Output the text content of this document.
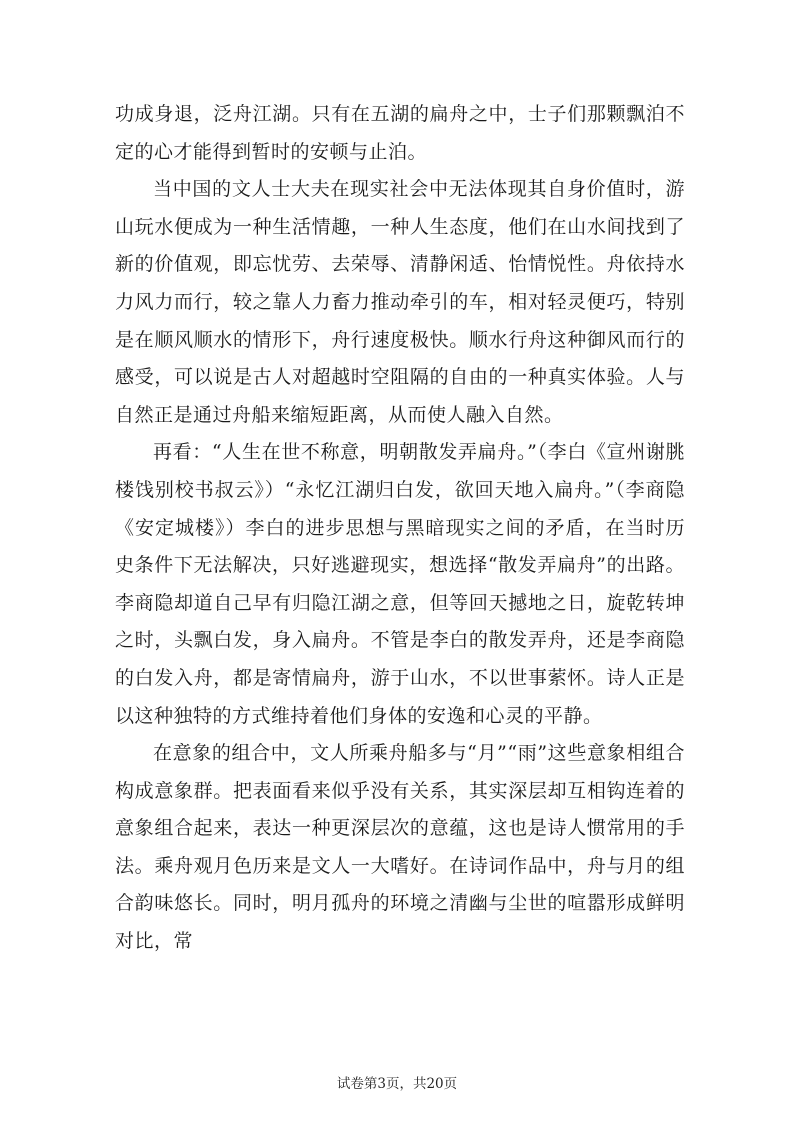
功成身退，泛舟江湖。只有在五湖的扁舟之中，士子们那颗飘泊不定的心才能得到暂时的安顿与止泊。

当中国的文人士大夫在现实社会中无法体现其自身价值时，游山玩水便成为一种生活情趣，一种人生态度，他们在山水间找到了新的价值观，即忘忧劳、去荣辱、清静闲适、怡情悦性。舟依持水力风力而行，较之靠人力畜力推动牵引的车，相对轻灵便巧，特别是在顺风顺水的情形下，舟行速度极快。顺水行舟这种御风而行的感受，可以说是古人对超越时空阻隔的自由的一种真实体验。人与自然正是通过舟船来缩短距离，从而使人融入自然。

再看：“人生在世不称意，明朝散发弄扁舟。”（李白《宣州谢朓楼饯别校书叔云》）“永忆江湖归白发，欲回天地入扁舟。”（李商隐《安定城楼》）李白的进步思想与黑暗现实之间的矛盾，在当时历史条件下无法解决，只好逃避现实，想选择“散发弄扁舟”的出路。李商隐却道自己早有归隐江湖之意，但等回天撼地之日，旋乾转坤之时，头飘白发，身入扁舟。不管是李白的散发弄舟，还是李商隐的白发入舟，都是寄情扁舟，游于山水，不以世事萦怀。诗人正是以这种独特的方式维持着他们身体的安逸和心灵的平静。

在意象的组合中，文人所乘舟船多与“月”“雨”这些意象相组合构成意象群。把表面看来似乎没有关系，其实深层却互相钩连着的意象组合起来，表达一种更深层次的意蕴，这也是诗人惯常用的手法。乘舟观月色历来是文人一大嗜好。在诗词作品中，舟与月的组合韵味悠长。同时，明月孤舟的环境之清幽与尘世的喧嚣形成鲜明对比，常

试卷第3页，共20页
